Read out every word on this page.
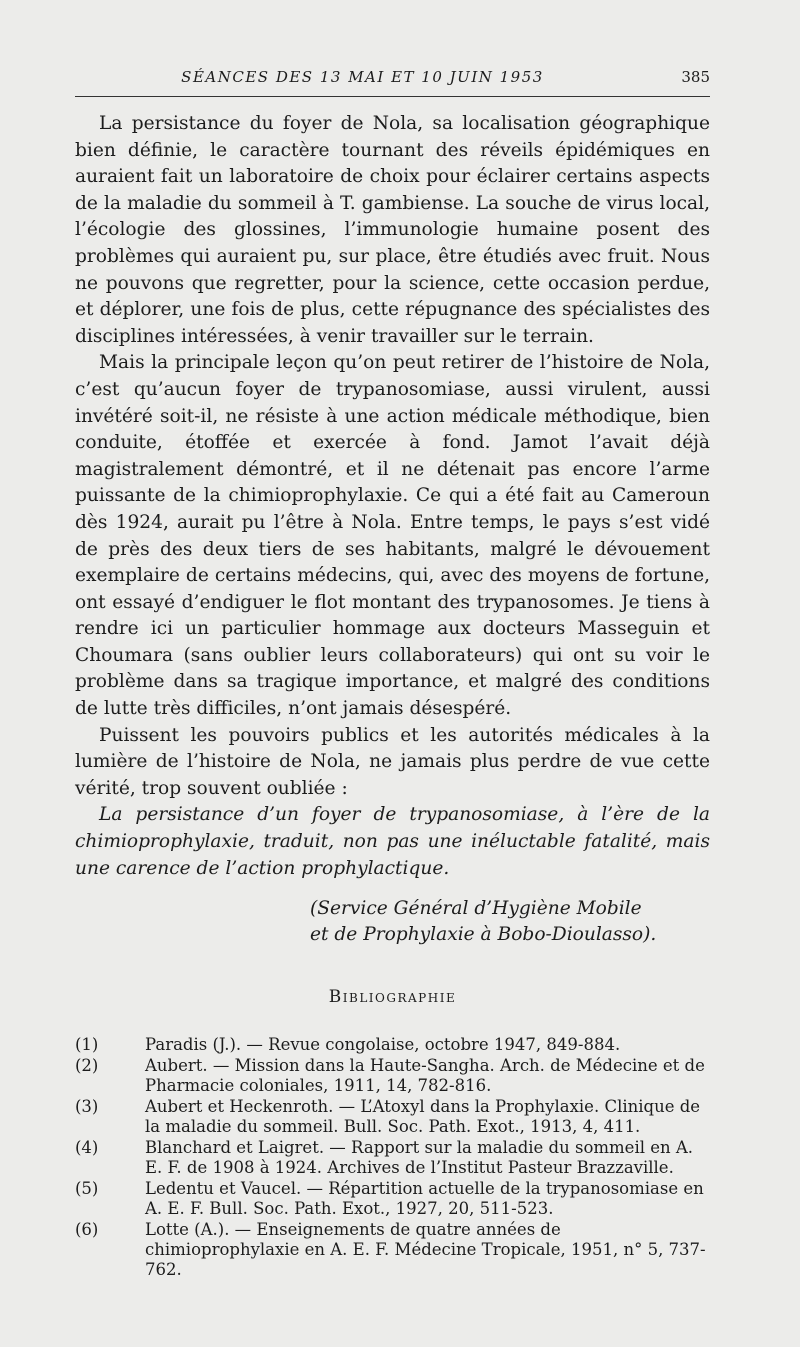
SÉANCES DES 13 MAI ET 10 JUIN 1953	385

La persistance du foyer de Nola, sa localisation géographique bien définie, le caractère tournant des réveils épidémiques en auraient fait un laboratoire de choix pour éclairer certains aspects de la maladie du sommeil à T. gambiense. La souche de virus local, l’écologie des glossines, l’immunologie humaine posent des problèmes qui auraient pu, sur place, être étudiés avec fruit. Nous ne pouvons que regretter, pour la science, cette occasion perdue, et déplorer, une fois de plus, cette répugnance des spécialistes des disciplines intéressées, à venir travailler sur le terrain.

Mais la principale leçon qu’on peut retirer de l’histoire de Nola, c’est qu’aucun foyer de trypanosomiase, aussi virulent, aussi invétéré soit-il, ne résiste à une action médicale méthodique, bien conduite, étoffée et exercée à fond. Jamot l’avait déjà magistralement démontré, et il ne détenait pas encore l’arme puissante de la chimioprophylaxie. Ce qui a été fait au Cameroun dès 1924, aurait pu l’être à Nola. Entre temps, le pays s’est vidé de près des deux tiers de ses habitants, malgré le dévouement exemplaire de certains médecins, qui, avec des moyens de fortune, ont essayé d’endiguer le flot montant des trypanosomes. Je tiens à rendre ici un particulier hommage aux docteurs Masseguin et Choumara (sans oublier leurs collaborateurs) qui ont su voir le problème dans sa tragique importance, et malgré des conditions de lutte très difficiles, n’ont jamais désespéré.

Puissent les pouvoirs publics et les autorités médicales à la lumière de l’histoire de Nola, ne jamais plus perdre de vue cette vérité, trop souvent oubliée :

La persistance d’un foyer de trypanosomiase, à l’ère de la chimioprophylaxie, traduit, non pas une inéluctable fatalité, mais une carence de l’action prophylactique.

(Service Général d’Hygiène Mobile
et de Prophylaxie à Bobo-Dioulasso).
Bibliographie
(1)	Paradis (J.). — Revue congolaise, octobre 1947, 849-884.
(2)	Aubert. — Mission dans la Haute-Sangha. Arch. de Médecine et de Pharmacie coloniales, 1911, 14, 782-816.
(3)	Aubert et Heckenroth. — L’Atoxyl dans la Prophylaxie. Clinique de la maladie du sommeil. Bull. Soc. Path. Exot., 1913, 4, 411.
(4)	Blanchard et Laigret. — Rapport sur la maladie du sommeil en A. E. F. de 1908 à 1924. Archives de l’Institut Pasteur Brazzaville.
(5)	Ledentu et Vaucel. — Répartition actuelle de la trypanosomiase en A. E. F. Bull. Soc. Path. Exot., 1927, 20, 511-523.
(6)	Lotte (A.). — Enseignements de quatre années de chimioprophylaxie en A. E. F. Médecine Tropicale, 1951, n° 5, 737-762.
